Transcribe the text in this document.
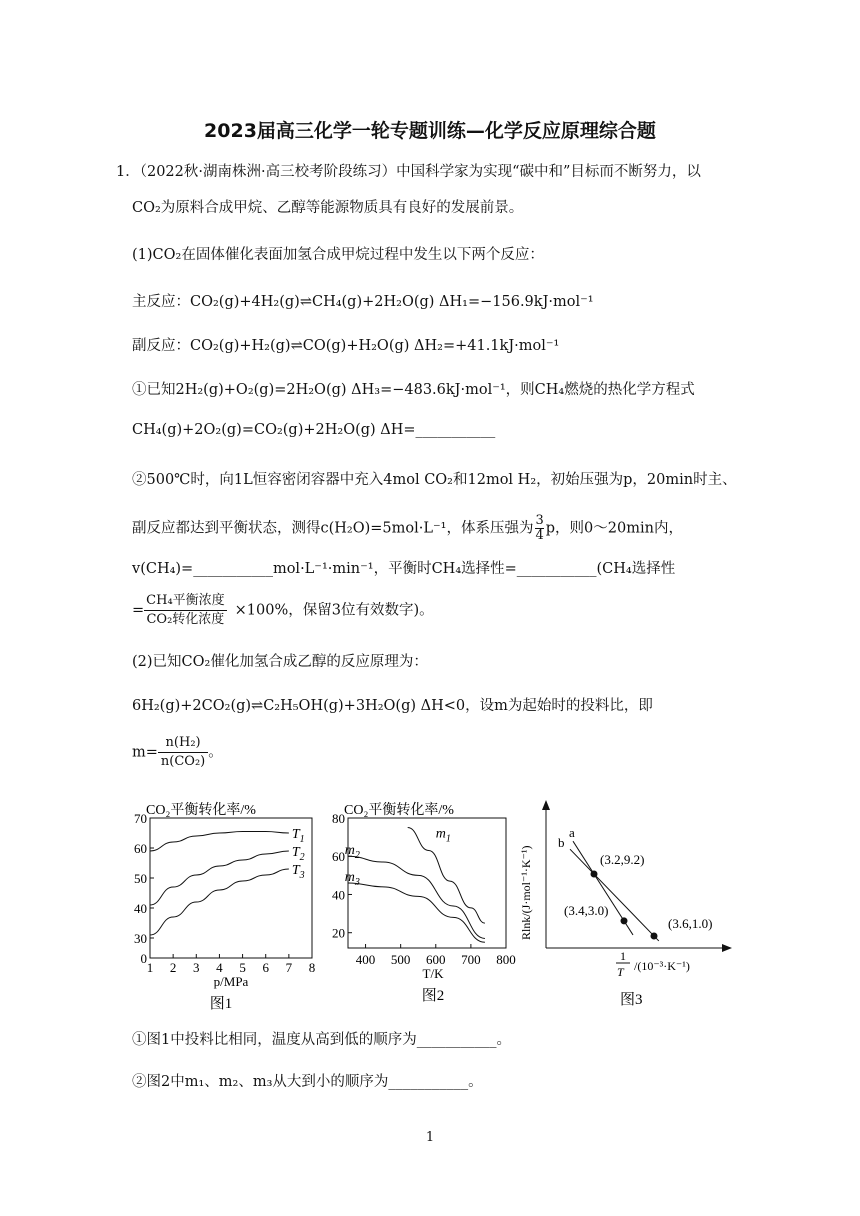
2023届高三化学一轮专题训练—化学反应原理综合题
1．（2022秋·湖南株洲·高三校考阶段练习）中国科学家为实现“碳中和”目标而不断努力，以
CO₂为原料合成甲烷、乙醇等能源物质具有良好的发展前景。
(1)CO₂在固体催化表面加氢合成甲烷过程中发生以下两个反应：
主反应：CO₂(g)+4H₂(g)⇌CH₄(g)+2H₂O(g) ΔH₁=−156.9kJ·mol⁻¹
副反应：CO₂(g)+H₂(g)⇌CO(g)+H₂O(g) ΔH₂=+41.1kJ·mol⁻¹
①已知2H₂(g)+O₂(g)=2H₂O(g) ΔH₃=−483.6kJ·mol⁻¹，则CH₄燃烧的热化学方程式
CH₄(g)+2O₂(g)=CO₂(g)+2H₂O(g) ΔH=___________
②500℃时，向1L恒容密闭容器中充入4mol CO₂和12mol H₂，初始压强为p，20min时主、
副反应都达到平衡状态，测得c(H₂O)=5mol·L⁻¹，体系压强为 $\frac{3}{4}$ p，则0～20min内，
v(CH₄)=___________mol·L⁻¹·min⁻¹，平衡时CH₄选择性=___________(CH₄选择性
=
CH₄平衡浓度
CO₂转化浓度
×100%，保留3位有效数字)。
(2)已知CO₂催化加氢合成乙醇的反应原理为：
6H₂(g)+2CO₂(g)⇌C₂H₅OH(g)+3H₂O(g) ΔH<0，设m为起始时的投料比，即
$m= \frac{\text{n(H₂)}}{\text{n(CO₂)}}$ 。
CO₂平衡转化率/%
1 2 3 4 5 6 7 8
0
30
40
50
60
70
$T_1$
$T_2$
$T_3$
p/MPa
图1
CO₂平衡转化率/%
400 500 600 700 800
20
40
60
80
$m_1$
$m_2$
$m_3$
T/K
图2
Rlnk/(J·mol⁻¹·K⁻¹)
a
b
(3.2,9.2)
(3.4,3.0)
(3.6,1.0)
1
T /(10⁻³·K⁻¹)
图3
①图1中投料比相同，温度从高到低的顺序为___________。
②图2中m₁、m₂、m₃从大到小的顺序为___________。
1
